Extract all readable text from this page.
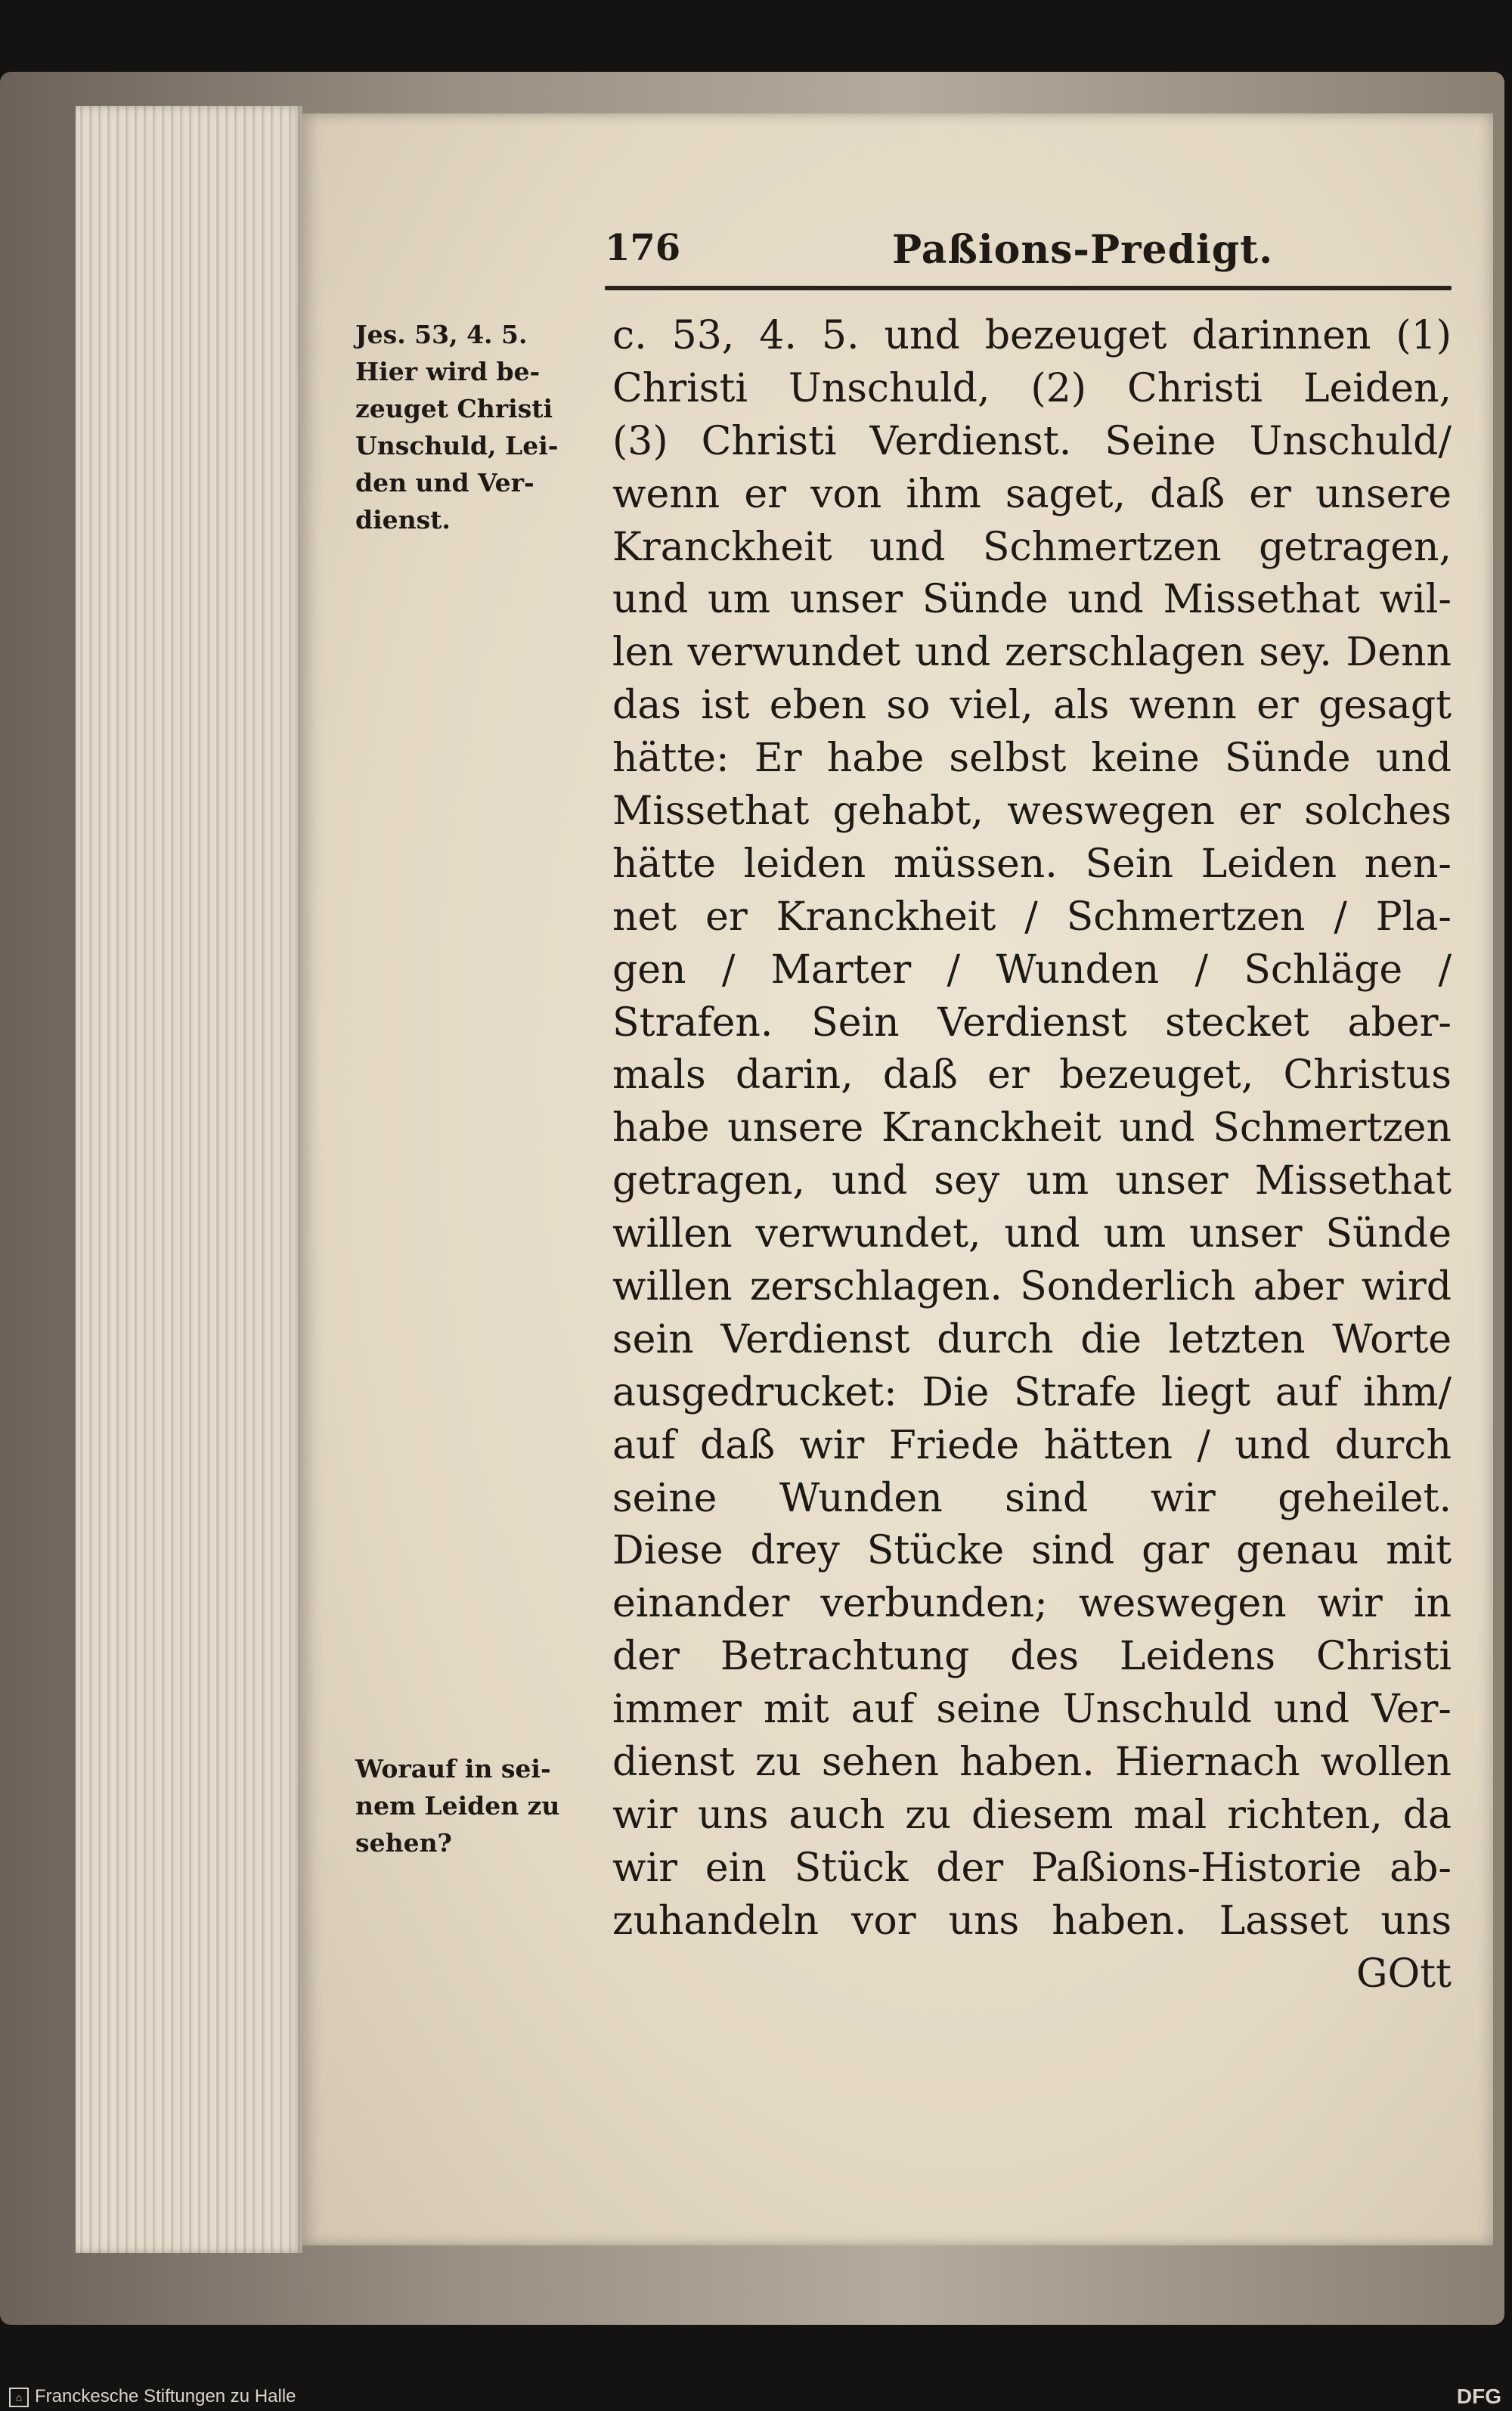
176	Paßions-Predigt.
Jes. 53, 4. 5.
Hier wird be-
zeuget Christi
Unschuld, Lei-
den und Ver-
dienst.
Worauf in sei-
nem Leiden zu
sehen?
c. 53, 4. 5. und bezeuget darinnen (1)
Christi Unschuld, (2) Christi Leiden,
(3) Christi Verdienst. Seine Unschuld/
wenn er von ihm saget, daß er unsere
Kranckheit und Schmertzen getragen,
und um unser Sünde und Missethat wil-
len verwundet und zerschlagen sey. Denn
das ist eben so viel, als wenn er gesagt
hätte: Er habe selbst keine Sünde und
Missethat gehabt, weswegen er solches
hätte leiden müssen. Sein Leiden nen-
net er Kranckheit / Schmertzen / Pla-
gen / Marter / Wunden / Schläge /
Strafen. Sein Verdienst stecket aber-
mals darin, daß er bezeuget, Christus
habe unsere Kranckheit und Schmertzen
getragen, und sey um unser Missethat
willen verwundet, und um unser Sünde
willen zerschlagen. Sonderlich aber wird
sein Verdienst durch die letzten Worte
ausgedrucket: Die Strafe liegt auf ihm/
auf daß wir Friede hätten / und durch
seine Wunden sind wir geheilet.
Diese drey Stücke sind gar genau mit
einander verbunden; weswegen wir in
der Betrachtung des Leidens Christi
immer mit auf seine Unschuld und Ver-
dienst zu sehen haben. Hiernach wollen
wir uns auch zu diesem mal richten, da
wir ein Stück der Paßions-Historie ab-
zuhandeln vor uns haben. Lasset uns
GOtt
⌂ Franckesche Stiftungen zu Halle	DFG
